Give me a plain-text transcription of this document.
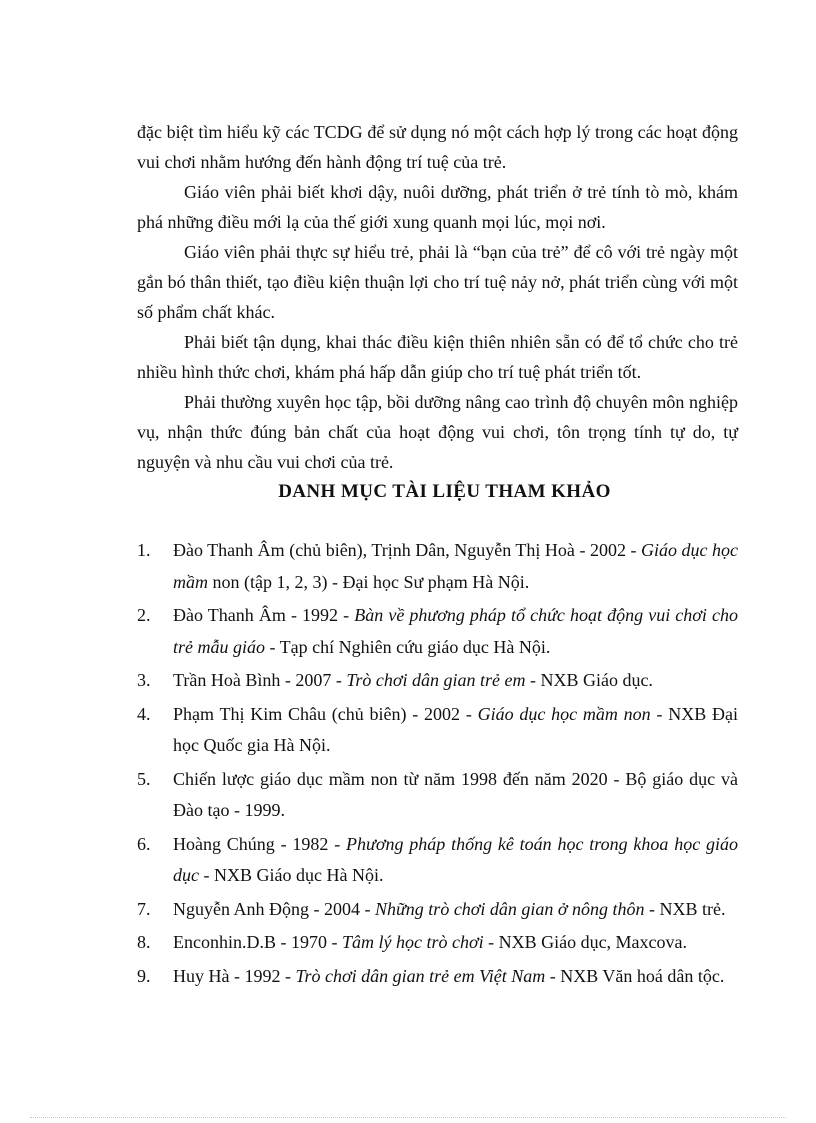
đặc biệt tìm hiểu kỹ các TCDG để sử dụng nó một cách hợp lý trong các hoạt động vui chơi nhằm hướng đến hành động trí tuệ của trẻ.

Giáo viên phải biết khơi dậy, nuôi dưỡng, phát triển ở trẻ tính tò mò, khám phá những điều mới lạ của thế giới xung quanh mọi lúc, mọi nơi.

Giáo viên phải thực sự hiểu trẻ, phải là “bạn của trẻ” để cô với trẻ ngày một gắn bó thân thiết, tạo điều kiện thuận lợi cho trí tuệ nảy nở, phát triển cùng với một số phẩm chất khác.

Phải biết tận dụng, khai thác điều kiện thiên nhiên sẵn có để tổ chức cho trẻ nhiều hình thức chơi, khám phá hấp dẫn giúp cho trí tuệ phát triển tốt.

Phải thường xuyên học tập, bồi dưỡng nâng cao trình độ chuyên môn nghiệp vụ, nhận thức đúng bản chất của hoạt động vui chơi, tôn trọng tính tự do, tự nguyện và nhu cầu vui chơi của trẻ.

DANH MỤC TÀI LIỆU THAM KHẢO
1.	Đào Thanh Âm (chủ biên), Trịnh Dân, Nguyễn Thị Hoà - 2002 - Giáo dục học mầm non (tập 1, 2, 3) - Đại học Sư phạm Hà Nội.
2.	Đào Thanh Âm - 1992 - Bàn về phương pháp tổ chức hoạt động vui chơi cho trẻ mẫu giáo - Tạp chí Nghiên cứu giáo dục Hà Nội.
3.	Trần Hoà Bình - 2007 - Trò chơi dân gian trẻ em - NXB Giáo dục.
4.	Phạm Thị Kim Châu (chủ biên) - 2002 - Giáo dục học mầm non - NXB Đại học Quốc gia Hà Nội.
5.	Chiến lược giáo dục mầm non từ năm 1998 đến năm 2020 - Bộ giáo dục và Đào tạo - 1999.
6.	Hoàng Chúng - 1982 - Phương pháp thống kê toán học trong khoa học giáo dục - NXB Giáo dục Hà Nội.
7.	Nguyễn Anh Động - 2004 - Những trò chơi dân gian ở nông thôn - NXB trẻ.
8.	Enconhin.D.B - 1970 - Tâm lý học trò chơi - NXB Giáo dục, Maxcova.
9.	Huy Hà - 1992 - Trò chơi dân gian trẻ em Việt Nam - NXB Văn hoá dân tộc.
